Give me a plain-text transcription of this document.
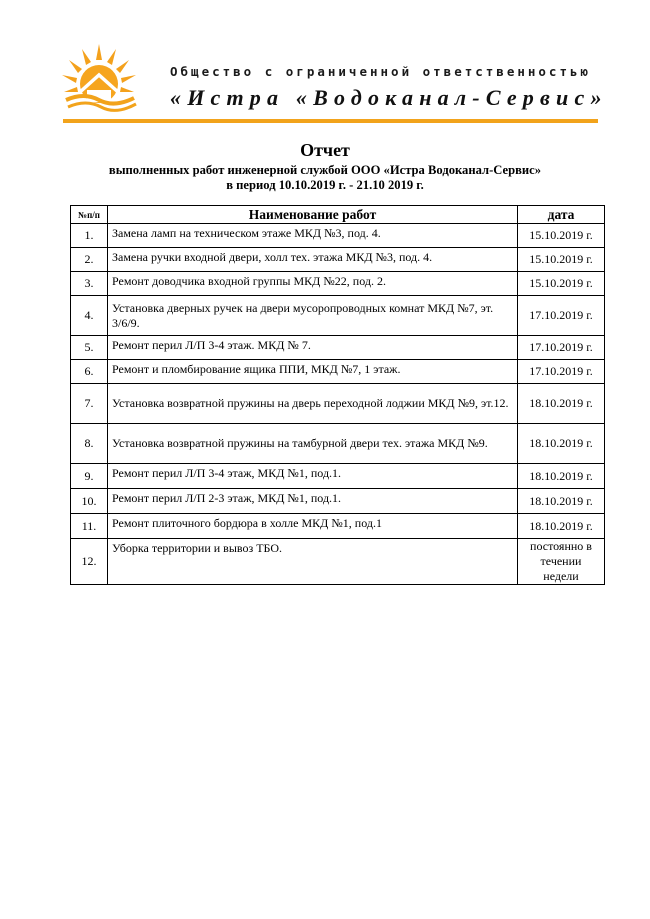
Общество с ограниченной ответственностью
«Истра «Водоканал-Сервис»
Отчет
выполненных работ инженерной службой ООО «Истра Водоканал-Сервис»
в период 10.10.2019 г. - 21.10 2019 г.
№п/п	Наименование работ	дата
1.	Замена ламп на техническом этаже МКД №3, под. 4.	15.10.2019 г.
2.	Замена ручки входной двери, холл тех. этажа МКД №3, под. 4.	15.10.2019 г.
3.	Ремонт доводчика входной группы МКД №22, под. 2.	15.10.2019 г.
4.	Установка дверных ручек на двери мусоропроводных комнат МКД №7, эт. 3/6/9.	17.10.2019 г.
5.	Ремонт перил Л/П 3-4 этаж. МКД № 7.	17.10.2019 г.
6.	Ремонт и пломбирование ящика ППИ, МКД №7, 1 этаж.	17.10.2019 г.
7.	Установка возвратной пружины на дверь переходной лоджии МКД №9, эт.12.	18.10.2019 г.
8.	Установка возвратной пружины на тамбурной двери тех. этажа МКД №9.	18.10.2019 г.
9.	Ремонт перил Л/П 3-4 этаж, МКД №1, под.1.	18.10.2019 г.
10.	Ремонт перил Л/П 2-3 этаж, МКД №1, под.1.	18.10.2019 г.
11.	Ремонт плиточного бордюра в холле МКД №1, под.1	18.10.2019 г.
12.	Уборка территории и вывоз ТБО.	постоянно в течении недели
